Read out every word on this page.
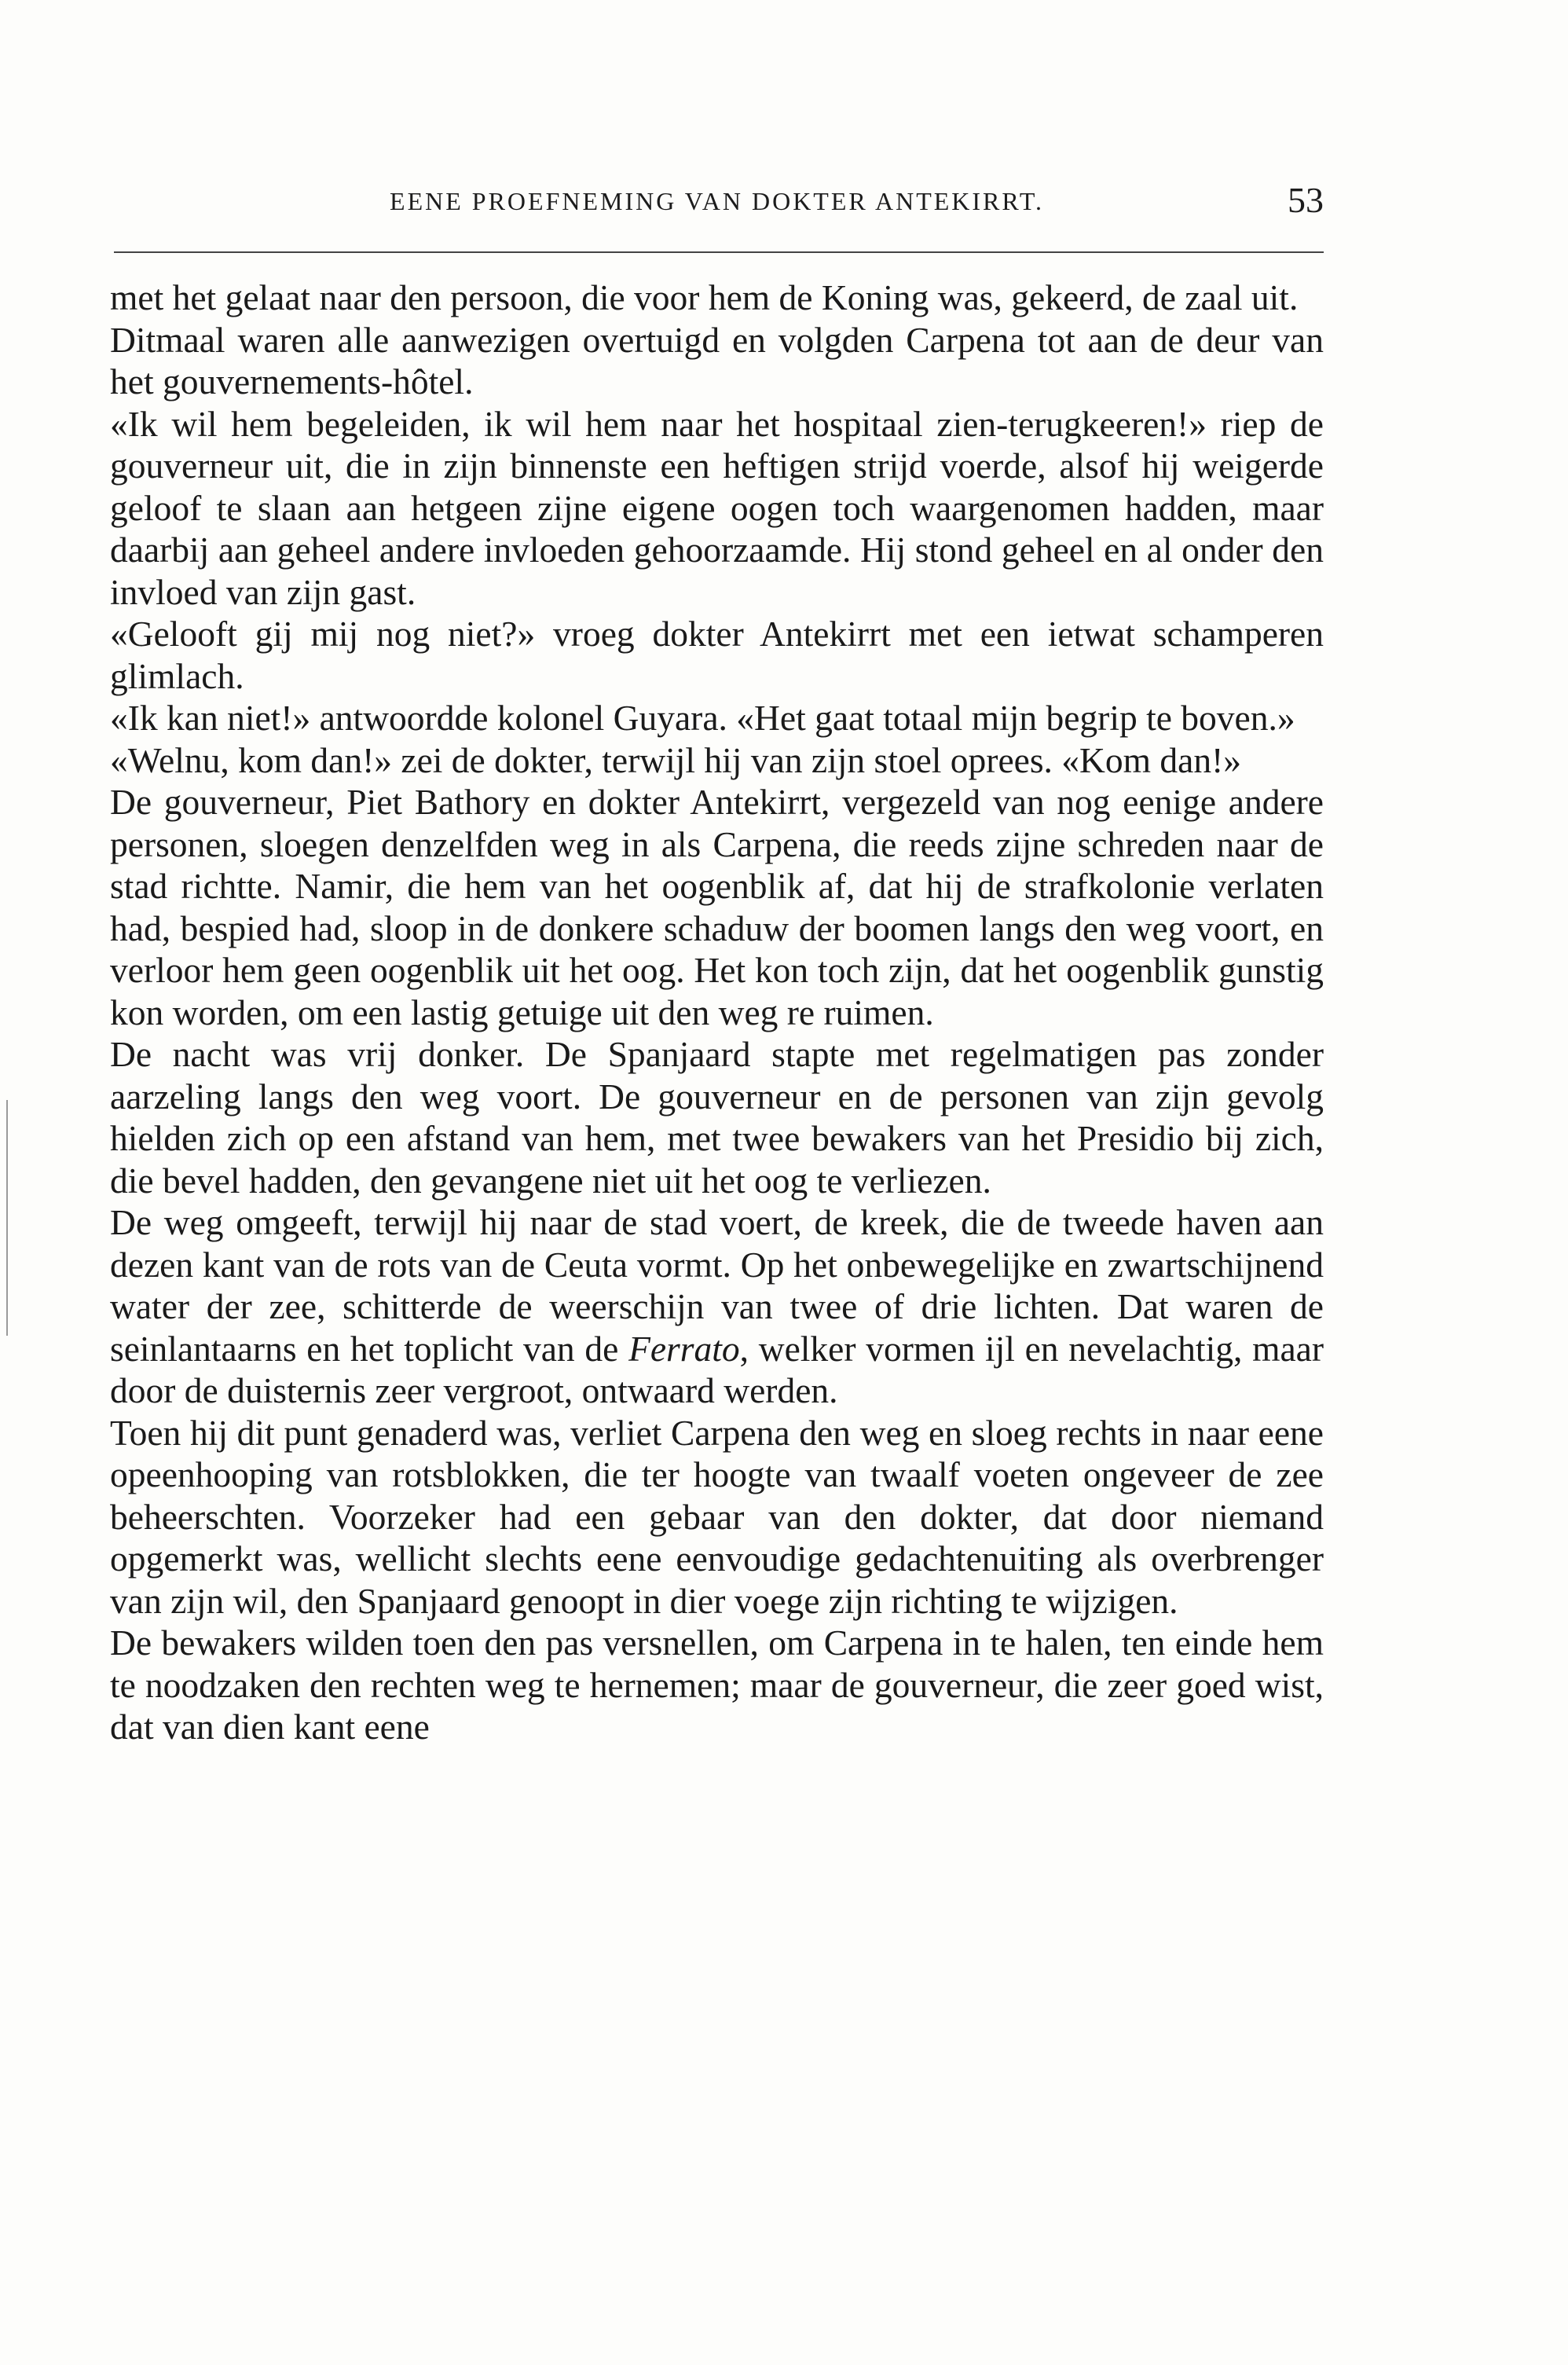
EENE PROEFNEMING VAN DOKTER ANTEKIRRT.	53

met het gelaat naar den persoon, die voor hem de Koning was, gekeerd, de zaal uit.

Ditmaal waren alle aanwezigen overtuigd en volgden Carpena tot aan de deur van het gouvernements-hôtel.

«Ik wil hem begeleiden, ik wil hem naar het hospitaal zien-terugkeeren!» riep de gouverneur uit, die in zijn binnenste een heftigen strijd voerde, alsof hij weigerde geloof te slaan aan hetgeen zijne eigene oogen toch waargenomen hadden, maar daarbij aan geheel andere invloeden gehoorzaamde. Hij stond geheel en al onder den invloed van zijn gast.

«Gelooft gij mij nog niet?» vroeg dokter Antekirrt met een ietwat schamperen glimlach.

«Ik kan niet!» antwoordde kolonel Guyara. «Het gaat totaal mijn begrip te boven.»

«Welnu, kom dan!» zei de dokter, terwijl hij van zijn stoel oprees. «Kom dan!»

De gouverneur, Piet Bathory en dokter Antekirrt, vergezeld van nog eenige andere personen, sloegen denzelfden weg in als Carpena, die reeds zijne schreden naar de stad richtte. Namir, die hem van het oogenblik af, dat hij de strafkolonie verlaten had, bespied had, sloop in de donkere schaduw der boomen langs den weg voort, en verloor hem geen oogenblik uit het oog. Het kon toch zijn, dat het oogenblik gunstig kon worden, om een lastig getuige uit den weg re ruimen.

De nacht was vrij donker. De Spanjaard stapte met regelmatigen pas zonder aarzeling langs den weg voort. De gouverneur en de personen van zijn gevolg hielden zich op een afstand van hem, met twee bewakers van het Presidio bij zich, die bevel hadden, den gevangene niet uit het oog te verliezen.

De weg omgeeft, terwijl hij naar de stad voert, de kreek, die de tweede haven aan dezen kant van de rots van de Ceuta vormt. Op het onbewegelijke en zwartschijnend water der zee, schitterde de weerschijn van twee of drie lichten. Dat waren de seinlantaarns en het toplicht van de Ferrato, welker vormen ijl en nevelachtig, maar door de duisternis zeer vergroot, ontwaard werden.

Toen hij dit punt genaderd was, verliet Carpena den weg en sloeg rechts in naar eene opeenhooping van rotsblokken, die ter hoogte van twaalf voeten ongeveer de zee beheerschten. Voorzeker had een gebaar van den dokter, dat door niemand opgemerkt was, wellicht slechts eene eenvoudige gedachtenuiting als overbrenger van zijn wil, den Spanjaard genoopt in dier voege zijn richting te wijzigen.

De bewakers wilden toen den pas versnellen, om Carpena in te halen, ten einde hem te noodzaken den rechten weg te hernemen; maar de gouverneur, die zeer goed wist, dat van dien kant eene
